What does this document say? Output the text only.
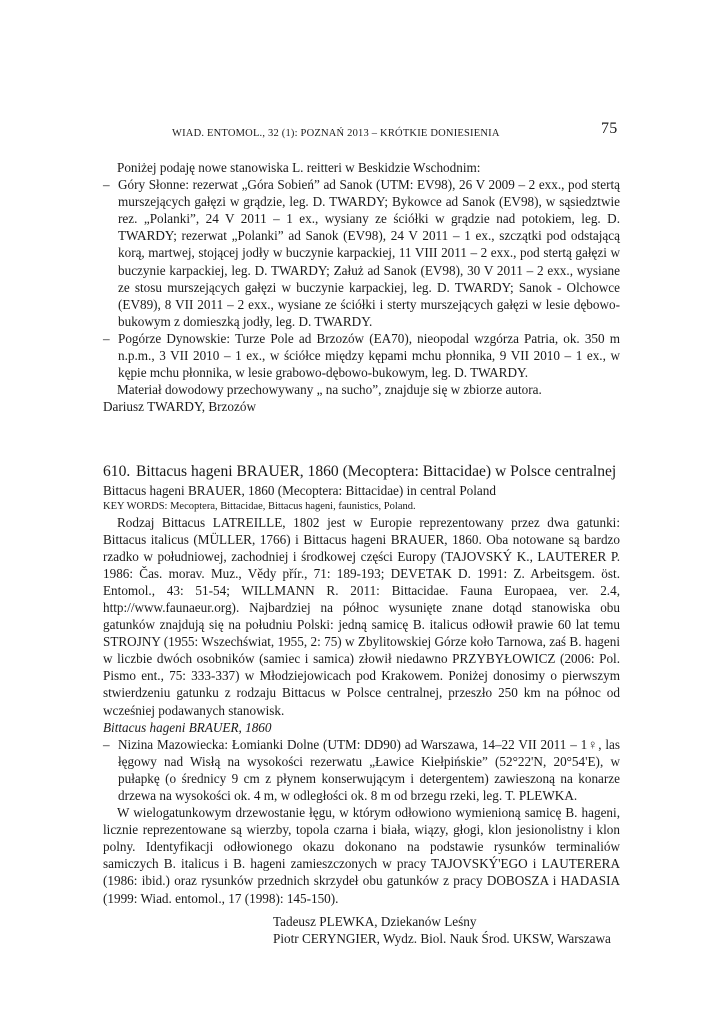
WIAD. ENTOMOL., 32 (1): POZNAŃ 2013 – KRÓTKIE DONIESIENIA	75

Poniżej podaję nowe stanowiska L. reitteri w Beskidzie Wschodnim:

– Góry Słonne: rezerwat „Góra Sobień” ad Sanok (UTM: EV98), 26 V 2009 – 2 exx., pod stertą murszejących gałęzi w grądzie, leg. D. TWARDY; Bykowce ad Sanok (EV98), w sąsiedztwie rez. „Polanki”, 24 V 2011 – 1 ex., wysiany ze ściółki w grądzie nad potokiem, leg. D. TWARDY; rezerwat „Polanki” ad Sanok (EV98), 24 V 2011 – 1 ex., szczątki pod odstającą korą, martwej, stojącej jodły w buczynie karpackiej, 11 VIII 2011 – 2 exx., pod stertą gałęzi w buczynie karpackiej, leg. D. TWARDY; Załuż ad Sanok (EV98), 30 V 2011 – 2 exx., wysiane ze stosu murszejących gałęzi w buczynie karpackiej, leg. D. TWARDY; Sanok - Olchowce (EV89), 8 VII 2011 – 2 exx., wysiane ze ściółki i sterty murszejących gałęzi w lesie dębowo-bukowym z domieszką jodły, leg. D. TWARDY.
– Pogórze Dynowskie: Turze Pole ad Brzozów (EA70), nieopodal wzgórza Patria, ok. 350 m n.p.m., 3 VII 2010 – 1 ex., w ściółce między kępami mchu płonnika, 9 VII 2010 – 1 ex., w kępie mchu płonnika, w lesie grabowo-dębowo-bukowym, leg. D. TWARDY.

Materiał dowodowy przechowywany „ na sucho”, znajduje się w zbiorze autora.

Dariusz TWARDY, Brzozów

610. Bittacus hageni BRAUER, 1860 (Mecoptera: Bittacidae) w Polsce centralnej

Bittacus hageni BRAUER, 1860 (Mecoptera: Bittacidae) in central Poland

KEY WORDS: Mecoptera, Bittacidae, Bittacus hageni, faunistics, Poland.

Rodzaj Bittacus LATREILLE, 1802 jest w Europie reprezentowany przez dwa gatunki: Bittacus italicus (MÜLLER, 1766) i Bittacus hageni BRAUER, 1860. Oba notowane są bardzo rzadko w południowej, zachodniej i środkowej części Europy (TAJOVSKÝ K., LAUTERER P. 1986: Čas. morav. Muz., Vědy přír., 71: 189-193; DEVETAK D. 1991: Z. Arbeitsgem. öst. Entomol., 43: 51-54; WILLMANN R. 2011: Bittacidae. Fauna Europaea, ver. 2.4, http://www.faunaeur.org). Najbardziej na północ wysunięte znane dotąd stanowiska obu gatunków znajdują się na południu Polski: jedną samicę B. italicus odłowił prawie 60 lat temu STROJNY (1955: Wszechświat, 1955, 2: 75) w Zbylitowskiej Górze koło Tarnowa, zaś B. hageni w liczbie dwóch osobników (samiec i samica) złowił niedawno PRZYBYŁOWICZ (2006: Pol. Pismo ent., 75: 333-337) w Młodziejowicach pod Krakowem. Poniżej donosimy o pierwszym stwierdzeniu gatunku z rodzaju Bittacus w Polsce centralnej, przeszło 250 km na północ od wcześniej podawanych stanowisk.

Bittacus hageni BRAUER, 1860

– Nizina Mazowiecka: Łomianki Dolne (UTM: DD90) ad Warszawa, 14–22 VII 2011 – 1♀, las łęgowy nad Wisłą na wysokości rezerwatu „Ławice Kiełpińskie” (52°22'N, 20°54'E), w pułapkę (o średnicy 9 cm z płynem konserwującym i detergentem) zawieszoną na konarze drzewa na wysokości ok. 4 m, w odległości ok. 8 m od brzegu rzeki, leg. T. PLEWKA.

W wielogatunkowym drzewostanie łęgu, w którym odłowiono wymienioną samicę B. hageni, licznie reprezentowane są wierzby, topola czarna i biała, wiązy, głogi, klon jesionolistny i klon polny. Identyfikacji odłowionego okazu dokonano na podstawie rysunków terminaliów samiczych B. italicus i B. hageni zamieszczonych w pracy TAJOVSKÝ'EGO i LAUTERERA (1986: ibid.) oraz rysunków przednich skrzydeł obu gatunków z pracy DOBOSZA i HADASIA (1999: Wiad. entomol., 17 (1998): 145-150).

Tadeusz PLEWKA, Dziekanów Leśny
Piotr CERYNGIER, Wydz. Biol. Nauk Środ. UKSW, Warszawa
